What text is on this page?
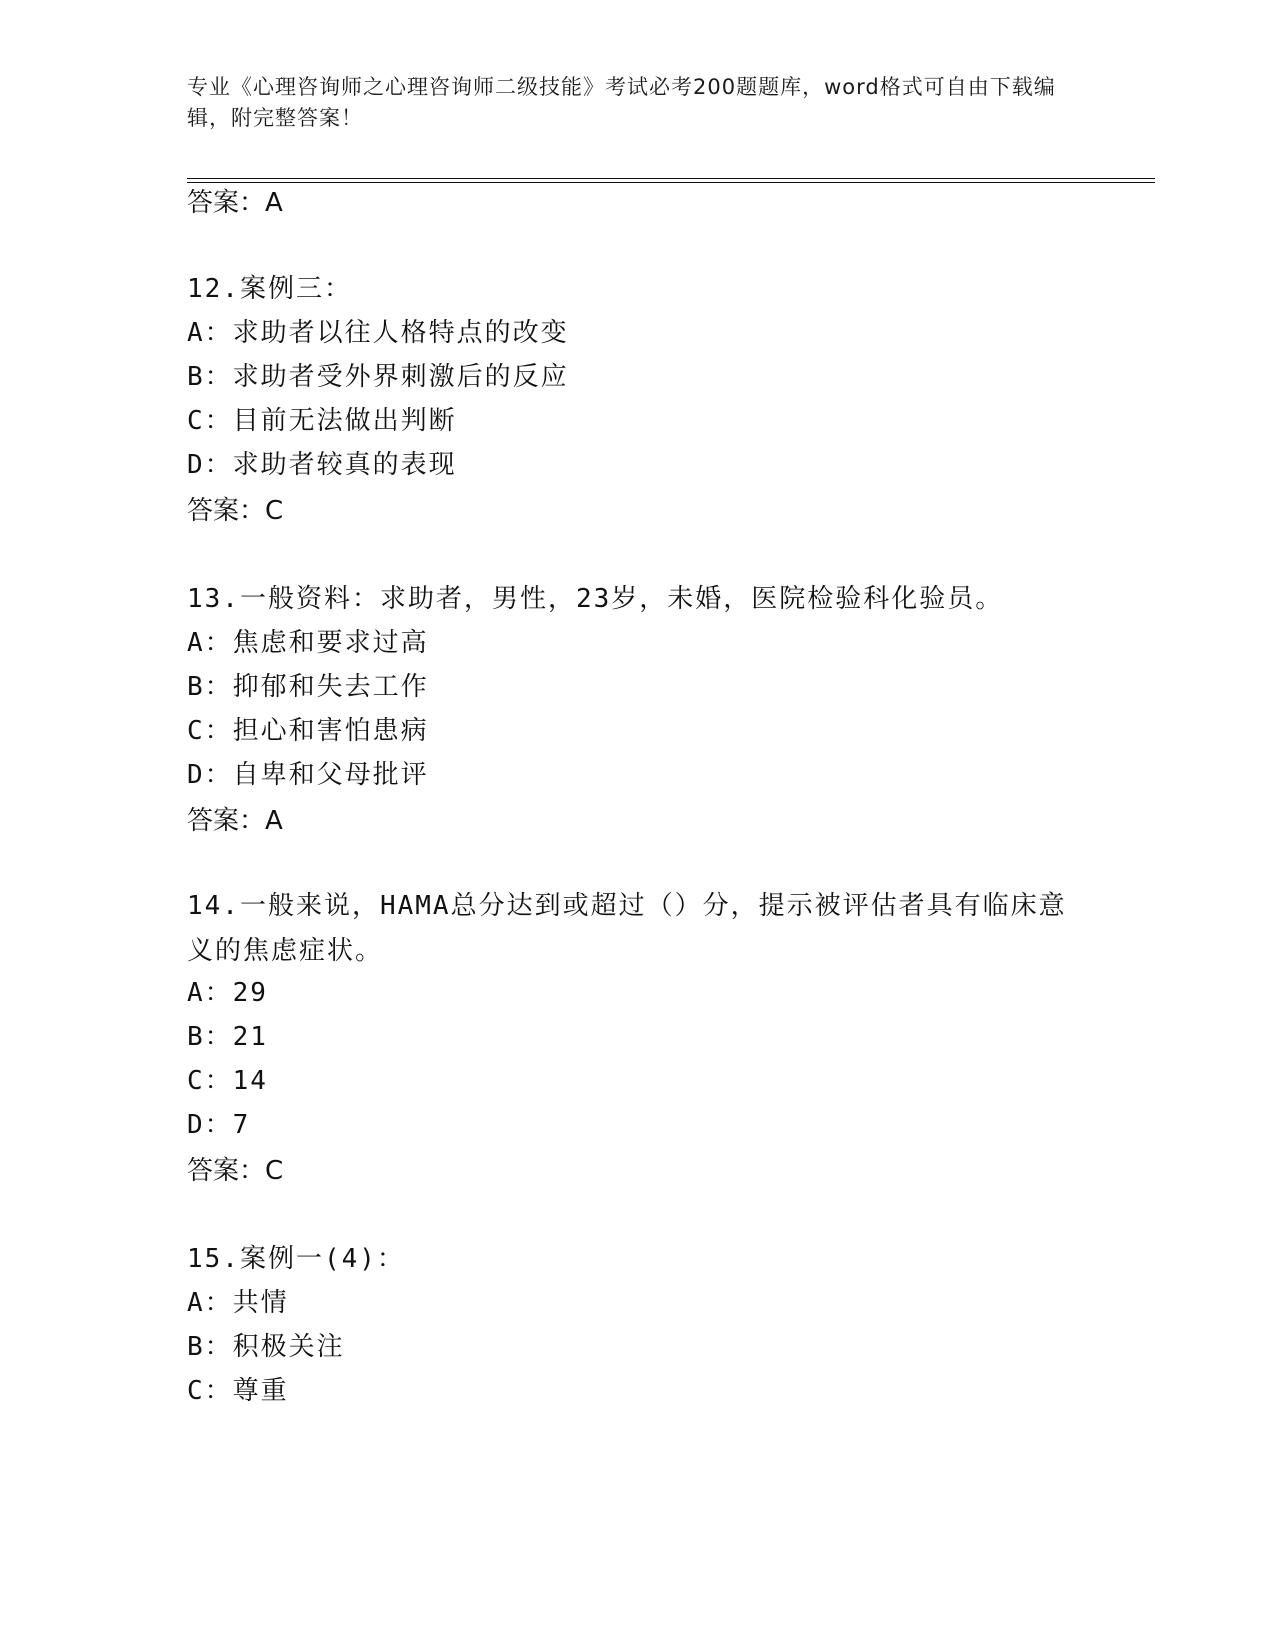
专业《心理咨询师之心理咨询师二级技能》考试必考200题题库，word格式可自由下载编辑，附完整答案！
答案：A
12.案例三：
A：求助者以往人格特点的改变
B：求助者受外界刺激后的反应
C：目前无法做出判断
D：求助者较真的表现
答案：C
13.一般资料：求助者，男性，23岁，未婚，医院检验科化验员。
A：焦虑和要求过高
B：抑郁和失去工作
C：担心和害怕患病
D：自卑和父母批评
答案：A
14.一般来说，HAMA总分达到或超过（）分，提示被评估者具有临床意义的焦虑症状。
A：29
B：21
C：14
D：7
答案：C
15.案例一(4)：
A：共情
B：积极关注
C：尊重
